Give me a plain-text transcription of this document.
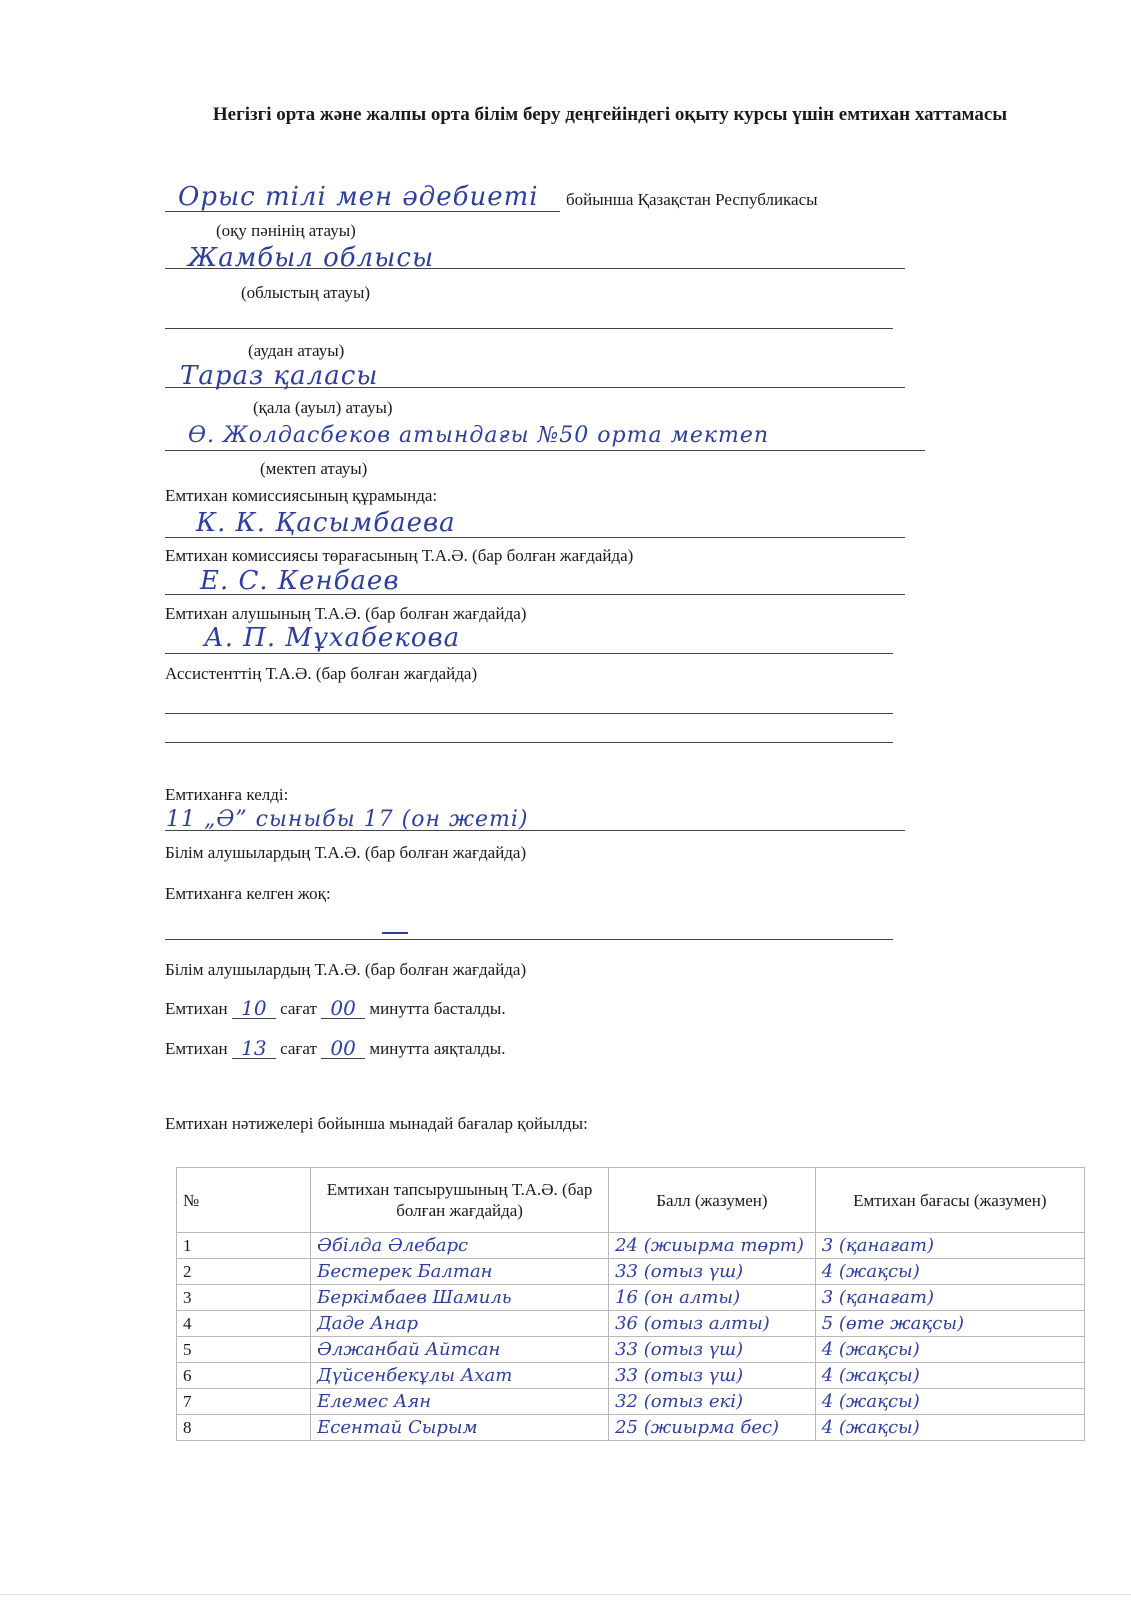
Негізгі орта және жалпы орта білім беру деңгейіндегі оқыту курсы үшін емтихан хаттамасы
Орыс тілі мен әдебиеті бойынша Қазақстан Республикасы
(оқу пәнінің атауы)
Жамбыл облысы
(облыстың атауы)
(аудан атауы)
Тараз қаласы
(қала (ауыл) атауы)
Ө. Жолдасбеков атындағы №50 орта мектеп
(мектеп атауы)
Емтихан комиссиясының құрамында:
К. К. Қасымбаева
Емтихан комиссиясы төрағасының Т.А.Ә. (бар болған жағдайда)
Е. С. Кенбаев
Емтихан алушының Т.А.Ә. (бар болған жағдайда)
А. П. Мұхабекова
Ассистенттің Т.А.Ә. (бар болған жағдайда)
Емтиханға келді:
11 „Ә” сыныбы 17 (он жеті)
Білім алушылардың Т.А.Ә. (бар болған жағдайда)
Емтиханға келген жоқ:
Білім алушылардың Т.А.Ә. (бар болған жағдайда)
Емтихан 10 сағат 00 минутта басталды.
Емтихан 13 сағат 00 минутта аяқталды.
Емтихан нәтижелері бойынша мынадай бағалар қойылды:
№	Емтихан тапсырушының Т.А.Ә. (бар болған жағдайда)	Балл (жазумен)	Емтихан бағасы (жазумен)
1	Әбілда Әлебарс	24 (жиырма төрт)	3 (қанағат)
2	Бестерек Балтан	33 (отыз үш)	4 (жақсы)
3	Беркімбаев Шамиль	16 (он алты)	3 (қанағат)
4	Даде Анар	36 (отыз алты)	5 (өте жақсы)
5	Әлжанбай Айтсан	33 (отыз үш)	4 (жақсы)
6	Дүйсенбекұлы Ахат	33 (отыз үш)	4 (жақсы)
7	Елемес Аян	32 (отыз екі)	4 (жақсы)
8	Есентай Сырым	25 (жиырма бес)	4 (жақсы)
